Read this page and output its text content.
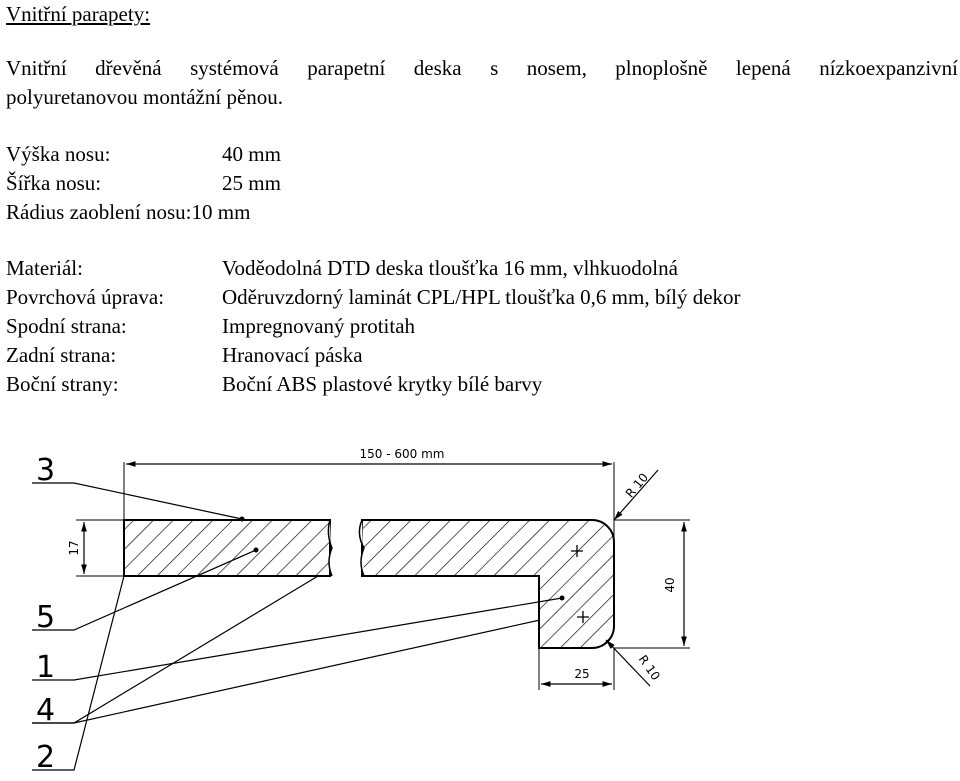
Vnitřní parapety:
Vnitřní dřevěná systémová parapetní deska s nosem, plnoplošně lepená nízkoexpanzivní
polyuretanovou montážní pěnou.
Výška nosu:	40 mm
Šířka nosu:	25 mm
Rádius zaoblení nosu: 10 mm
Materiál:	Voděodolná DTD deska tloušťka 16 mm, vlhkuodolná
Povrchová úprava:	Oděruvzdorný laminát CPL/HPL tloušťka 0,6 mm, bílý dekor
Spodní strana:	Impregnovaný protitah
Zadní strana:	Hranovací páska
Boční strany:	Boční ABS plastové krytky bílé barvy
150 - 600 mm
17
40
25
R 10
R 10
3
5
1
4
2
